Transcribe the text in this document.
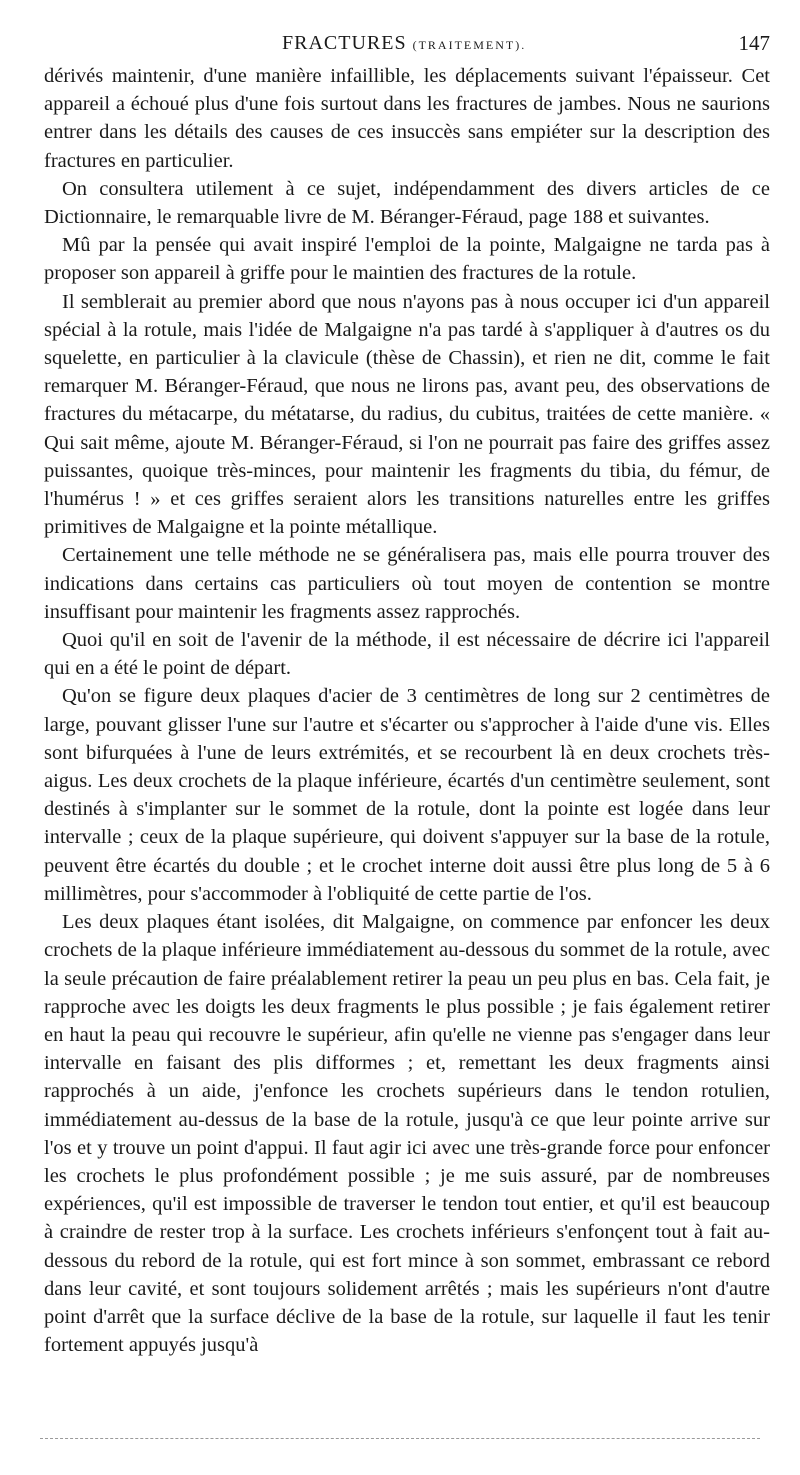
FRACTURES (TRAITEMENT).	147

dérivés maintenir, d'une manière infaillible, les déplacements suivant l'épaisseur. Cet appareil a échoué plus d'une fois surtout dans les fractures de jambes. Nous ne saurions entrer dans les détails des causes de ces insuccès sans empiéter sur la description des fractures en particulier.

On consultera utilement à ce sujet, indépendamment des divers articles de ce Dictionnaire, le remarquable livre de M. Béranger-Féraud, page 188 et suivantes.

Mû par la pensée qui avait inspiré l'emploi de la pointe, Malgaigne ne tarda pas à proposer son appareil à griffe pour le maintien des fractures de la rotule.

Il semblerait au premier abord que nous n'ayons pas à nous occuper ici d'un appareil spécial à la rotule, mais l'idée de Malgaigne n'a pas tardé à s'appliquer à d'autres os du squelette, en particulier à la clavicule (thèse de Chassin), et rien ne dit, comme le fait remarquer M. Béranger-Féraud, que nous ne lirons pas, avant peu, des observations de fractures du métacarpe, du métatarse, du radius, du cubitus, traitées de cette manière. « Qui sait même, ajoute M. Béranger-Féraud, si l'on ne pourrait pas faire des griffes assez puissantes, quoique très-minces, pour maintenir les fragments du tibia, du fémur, de l'humérus ! » et ces griffes seraient alors les transitions naturelles entre les griffes primitives de Malgaigne et la pointe métallique.

Certainement une telle méthode ne se généralisera pas, mais elle pourra trouver des indications dans certains cas particuliers où tout moyen de contention se montre insuffisant pour maintenir les fragments assez rapprochés.

Quoi qu'il en soit de l'avenir de la méthode, il est nécessaire de décrire ici l'appareil qui en a été le point de départ.

Qu'on se figure deux plaques d'acier de 3 centimètres de long sur 2 centimètres de large, pouvant glisser l'une sur l'autre et s'écarter ou s'approcher à l'aide d'une vis. Elles sont bifurquées à l'une de leurs extrémités, et se recourbent là en deux crochets très-aigus. Les deux crochets de la plaque inférieure, écartés d'un centimètre seulement, sont destinés à s'implanter sur le sommet de la rotule, dont la pointe est logée dans leur intervalle ; ceux de la plaque supérieure, qui doivent s'appuyer sur la base de la rotule, peuvent être écartés du double ; et le crochet interne doit aussi être plus long de 5 à 6 millimètres, pour s'accommoder à l'obliquité de cette partie de l'os.

Les deux plaques étant isolées, dit Malgaigne, on commence par enfoncer les deux crochets de la plaque inférieure immédiatement au-dessous du sommet de la rotule, avec la seule précaution de faire préalablement retirer la peau un peu plus en bas. Cela fait, je rapproche avec les doigts les deux fragments le plus possible ; je fais également retirer en haut la peau qui recouvre le supérieur, afin qu'elle ne vienne pas s'engager dans leur intervalle en faisant des plis difformes ; et, remettant les deux fragments ainsi rapprochés à un aide, j'enfonce les crochets supérieurs dans le tendon rotulien, immédiatement au-dessus de la base de la rotule, jusqu'à ce que leur pointe arrive sur l'os et y trouve un point d'appui. Il faut agir ici avec une très-grande force pour enfoncer les crochets le plus profondément possible ; je me suis assuré, par de nombreuses expériences, qu'il est impossible de traverser le tendon tout entier, et qu'il est beaucoup à craindre de rester trop à la surface. Les crochets inférieurs s'enfonçent tout à fait au-dessous du rebord de la rotule, qui est fort mince à son sommet, embrassant ce rebord dans leur cavité, et sont toujours solidement arrêtés ; mais les supérieurs n'ont d'autre point d'arrêt que la surface déclive de la base de la rotule, sur laquelle il faut les tenir fortement appuyés jusqu'à
